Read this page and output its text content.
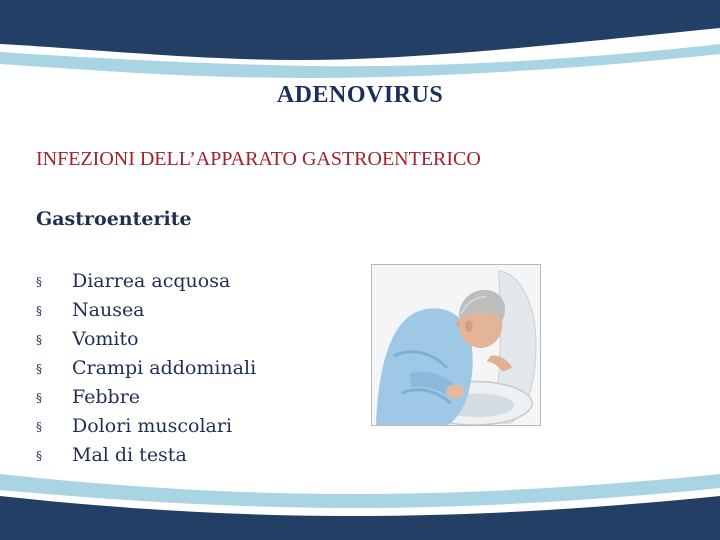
ADENOVIRUS
INFEZIONI DELL’APPARATO GASTROENTERICO
Gastroenterite
§	Diarrea acquosa
§	Nausea
§	Vomito
§	Crampi addominali
§	Febbre
§	Dolori muscolari
§	Mal di testa
